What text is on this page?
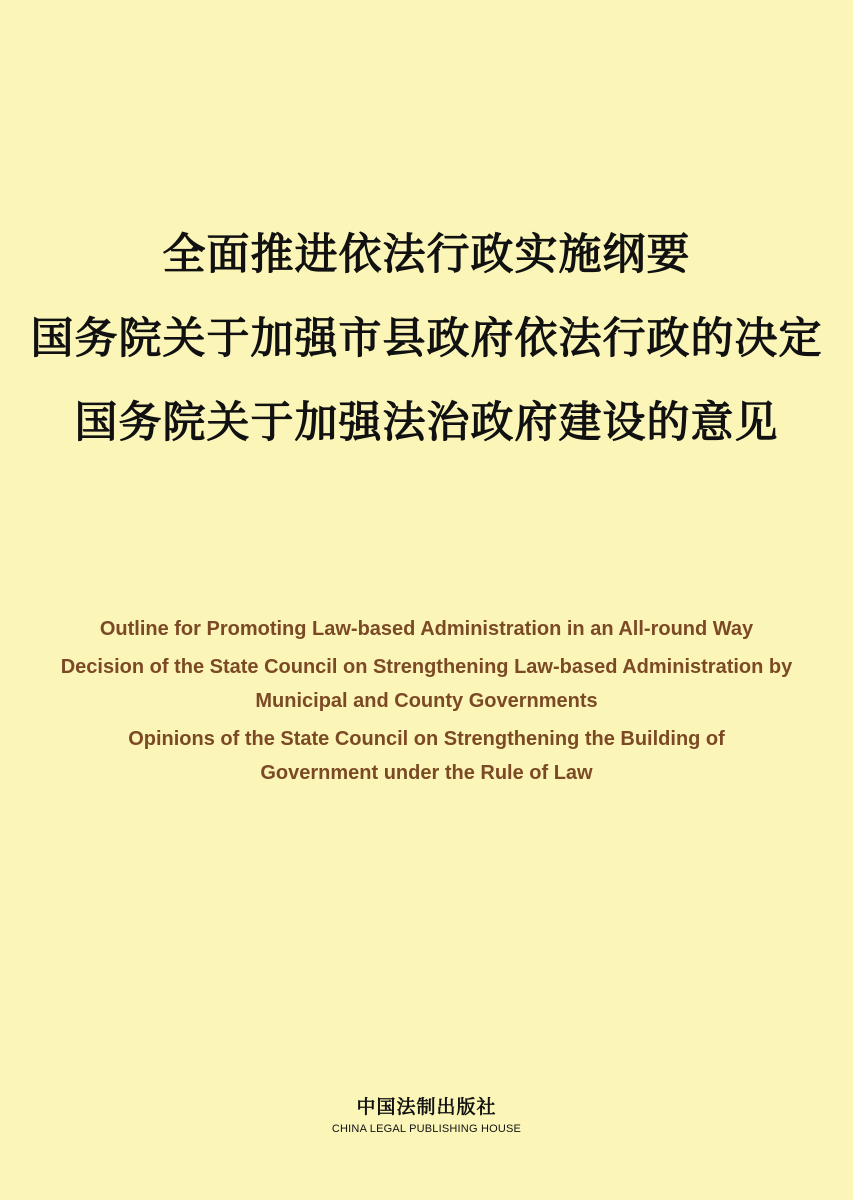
全面推进依法行政实施纲要
国务院关于加强市县政府依法行政的决定
国务院关于加强法治政府建设的意见
Outline for Promoting Law-based Administration in an All-round Way
Decision of the State Council on Strengthening Law-based Administration by
Municipal and County Governments
Opinions of the State Council on Strengthening the Building of
Government under the Rule of Law
中国法制出版社
CHINA LEGAL PUBLISHING HOUSE
